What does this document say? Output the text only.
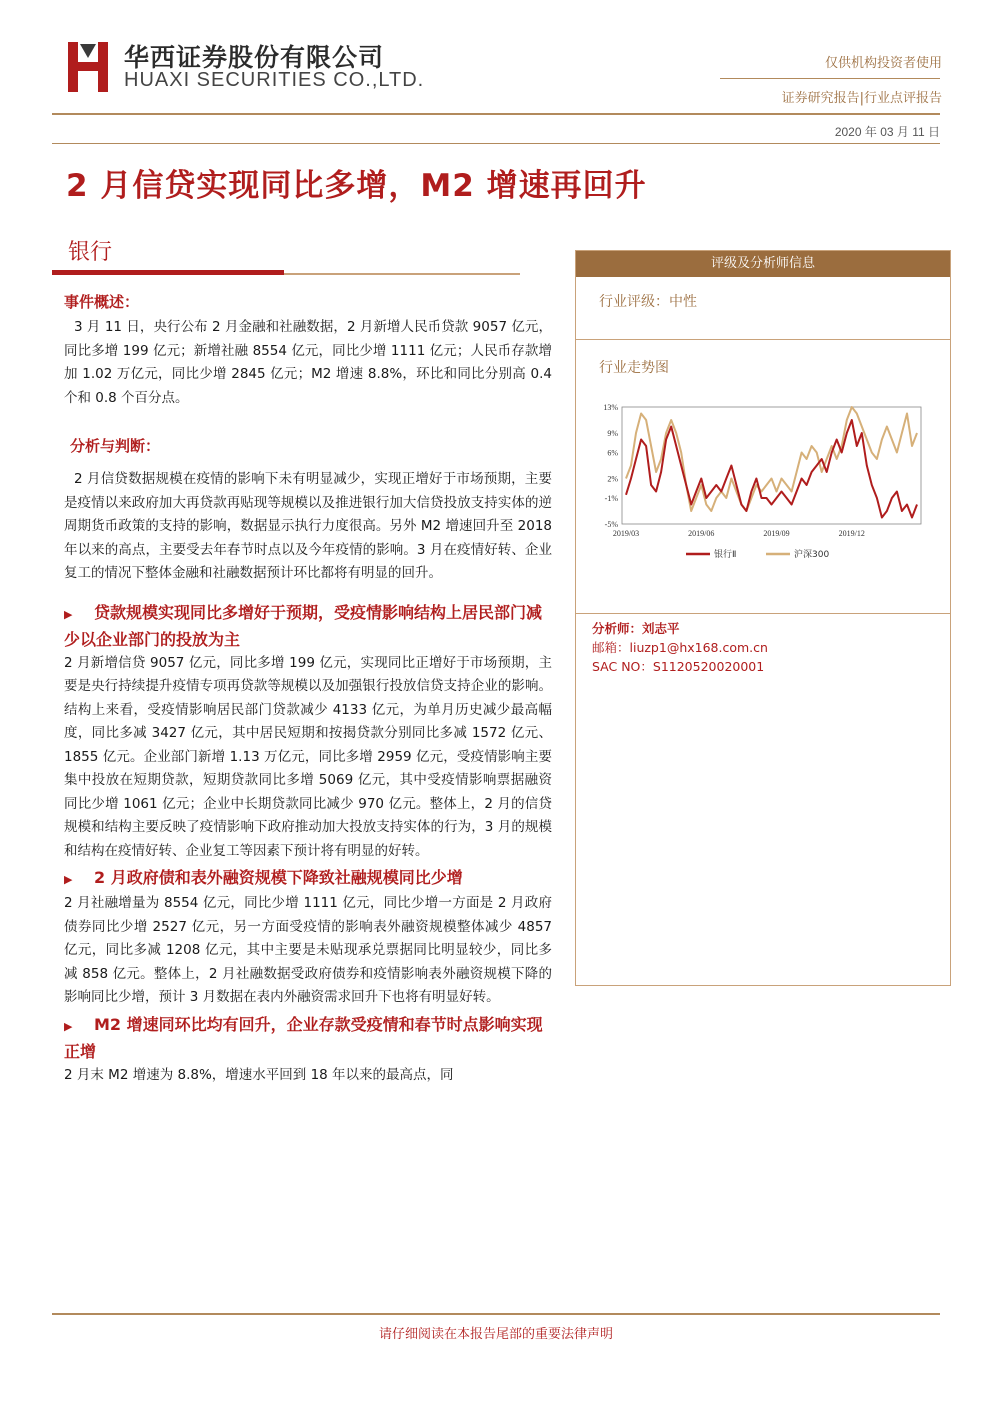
华西证券股份有限公司
HUAXI SECURITIES CO.,LTD.
仅供机构投资者使用
证券研究报告|行业点评报告
2020 年 03 月 11 日
2 月信贷实现同比多增，M2 增速再回升
银行
事件概述：

3 月 11 日，央行公布 2 月金融和社融数据，2 月新增人民币贷款 9057 亿元，同比多增 199 亿元；新增社融 8554 亿元，同比少增 1111 亿元；人民币存款增加 1.02 万亿元，同比少增 2845 亿元；M2 增速 8.8%，环比和同比分别高 0.4 个和 0.8 个百分点。

分析与判断：

2 月信贷数据规模在疫情的影响下未有明显减少，实现正增好于市场预期，主要是疫情以来政府加大再贷款再贴现等规模以及推进银行加大信贷投放支持实体的逆周期货币政策的支持的影响，数据显示执行力度很高。另外 M2 增速回升至 2018 年以来的高点，主要受去年春节时点以及今年疫情的影响。3 月在疫情好转、企业复工的情况下整体金融和社融数据预计环比都将有明显的回升。

▶ 贷款规模实现同比多增好于预期，受疫情影响结构上居民部门减少以企业部门的投放为主

2 月新增信贷 9057 亿元，同比多增 199 亿元，实现同比正增好于市场预期，主要是央行持续提升疫情专项再贷款等规模以及加强银行投放信贷支持企业的影响。结构上来看，受疫情影响居民部门贷款减少 4133 亿元，为单月历史减少最高幅度，同比多减 3427 亿元，其中居民短期和按揭贷款分别同比多减 1572 亿元、1855 亿元。企业部门新增 1.13 万亿元，同比多增 2959 亿元，受疫情影响主要集中投放在短期贷款，短期贷款同比多增 5069 亿元，其中受疫情影响票据融资同比少增 1061 亿元；企业中长期贷款同比减少 970 亿元。整体上，2 月的信贷规模和结构主要反映了疫情影响下政府推动加大投放支持实体的行为，3 月的规模和结构在疫情好转、企业复工等因素下预计将有明显的好转。

▶ 2 月政府债和表外融资规模下降致社融规模同比少增

2 月社融增量为 8554 亿元，同比少增 1111 亿元，同比少增一方面是 2 月政府债券同比少增 2527 亿元，另一方面受疫情的影响表外融资规模整体减少 4857 亿元，同比多减 1208 亿元，其中主要是未贴现承兑票据同比明显较少，同比多减 858 亿元。整体上，2 月社融数据受政府债券和疫情影响表外融资规模下降的影响同比少增，预计 3 月数据在表内外融资需求回升下也将有明显好转。

▶ M2 增速同环比均有回升，企业存款受疫情和春节时点影响实现正增

2 月末 M2 增速为 8.8%，增速水平回到 18 年以来的最高点，同

评级及分析师信息
行业评级：中性
行业走势图
13%
9%
6%
2%
-1%
-5%
2019/03	2019/06	2019/09	2019/12
银行Ⅱ	沪深300
分析师：刘志平
邮箱：liuzp1@hx168.com.cn
SAC NO：S1120520020001
请仔细阅读在本报告尾部的重要法律声明
